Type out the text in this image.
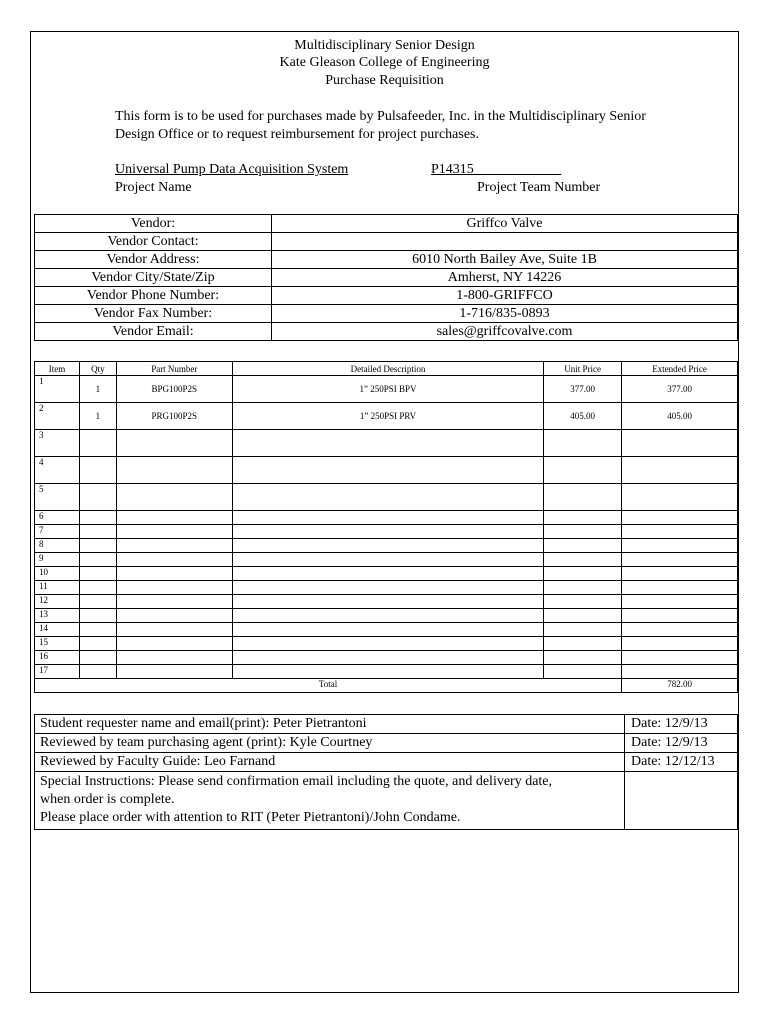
Multidisciplinary Senior Design
Kate Gleason College of Engineering
Purchase Requisition
This form is to be used for purchases made by Pulsafeeder, Inc. in the Multidisciplinary Senior Design Office or to request reimbursement for project purchases.
Universal Pump Data Acquisition System	P14315
Project Name	Project Team Number
Vendor:	Griffco Valve
Vendor Contact:	
Vendor Address:	6010 North Bailey Ave, Suite 1B
Vendor City/State/Zip	Amherst, NY 14226
Vendor Phone Number:	1-800-GRIFFCO
Vendor Fax Number:	1-716/835-0893
Vendor Email:	sales@griffcovalve.com
Item	Qty	Part Number	Detailed Description	Unit Price	Extended Price
1	1	BPG100P2S	1” 250PSI BPV	377.00	377.00
2	1	PRG100P2S	1” 250PSI PRV	405.00	405.00
3					
4					
5					
6					
7					
8					
9					
10					
11					
12					
13					
14					
15					
16					
17					
Total					782.00
Student requester name and email(print): Peter Pietrantoni	Date: 12/9/13
Reviewed by team purchasing agent (print): Kyle Courtney	Date: 12/9/13
Reviewed by Faculty Guide: Leo Farnand	Date: 12/12/13

Special Instructions: Please send confirmation email including the quote, and delivery date,
when order is complete.
Please place order with attention to RIT (Peter Pietrantoni)/John Condame.	
